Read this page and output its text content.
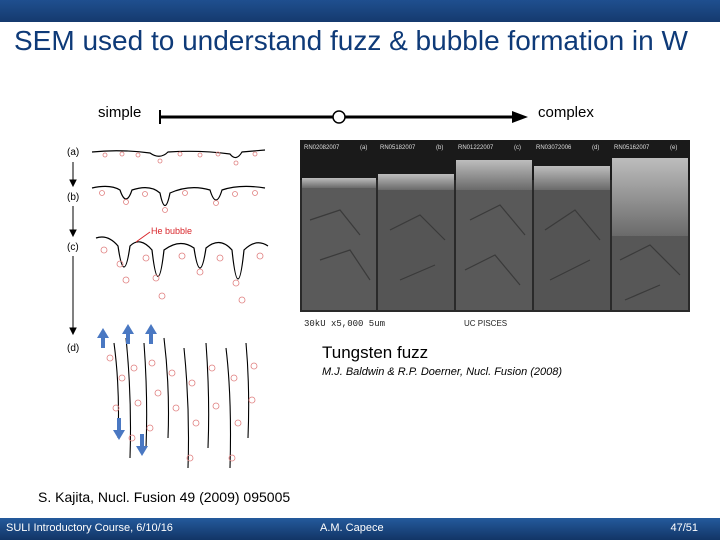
SEM used to understand fuzz & bubble formation in W
simple	complex
(a)
(b)
(c)
(d)
He bubble
RN02082007	(a) RN05182007	(b) RN01222007	(c)	RN03072006	(d) RN05162007	(e)
30kU x5,000 5um	UC PISCES
Tungsten fuzz
M.J. Baldwin & R.P. Doerner, Nucl. Fusion (2008)
S. Kajita, Nucl. Fusion 49 (2009) 095005
SULI Introductory Course, 6/10/16	A.M. Capece	47/51
